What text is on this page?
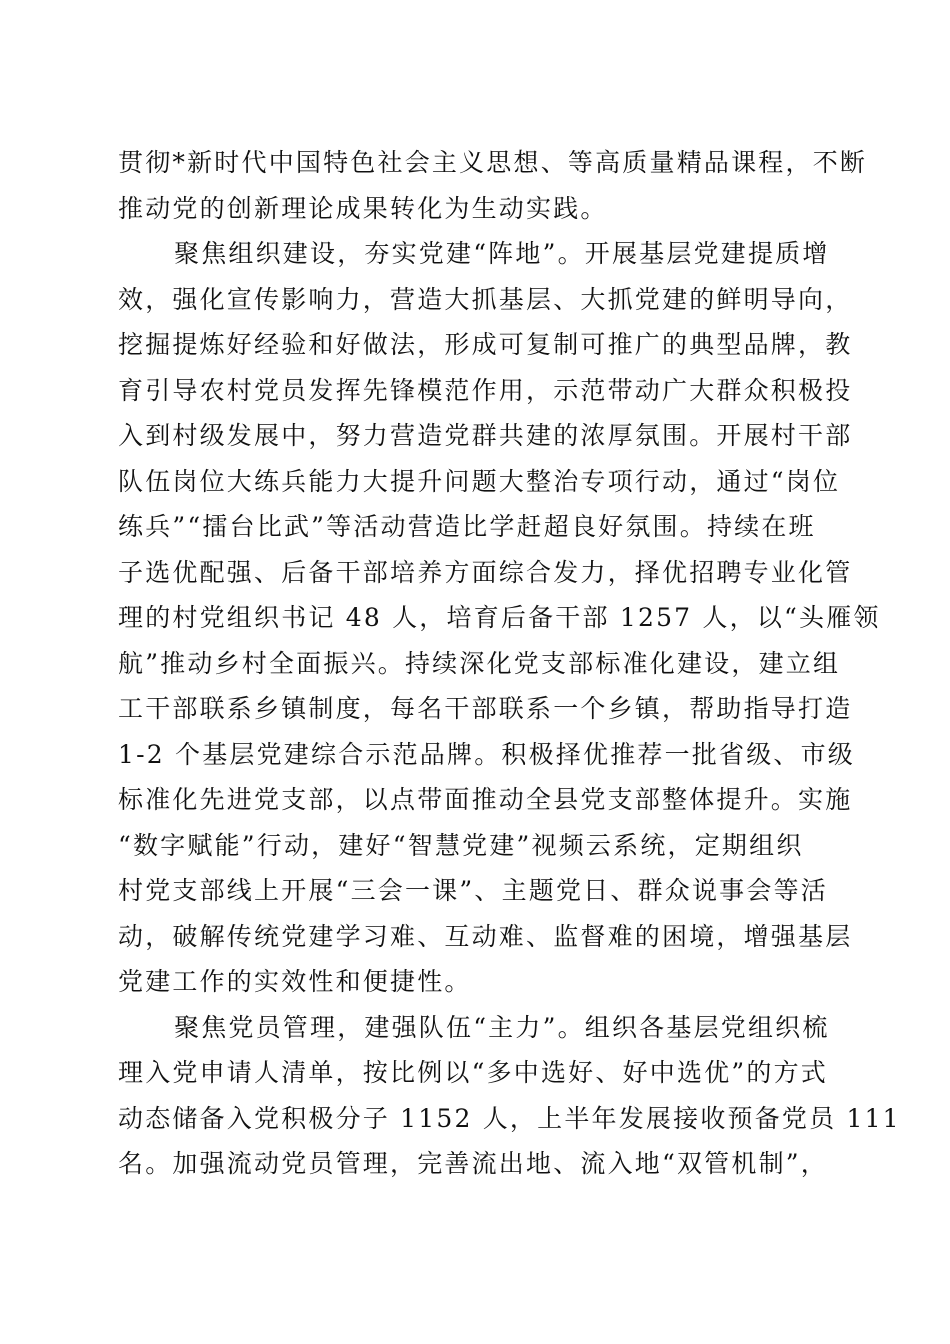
贯彻*新时代中国特色社会主义思想、等高质量精品课程，不断
推动党的创新理论成果转化为生动实践。
聚焦组织建设，夯实党建“阵地”。开展基层党建提质增
效，强化宣传影响力，营造大抓基层、大抓党建的鲜明导向，
挖掘提炼好经验和好做法，形成可复制可推广的典型品牌，教
育引导农村党员发挥先锋模范作用，示范带动广大群众积极投
入到村级发展中，努力营造党群共建的浓厚氛围。开展村干部
队伍岗位大练兵能力大提升问题大整治专项行动，通过“岗位
练兵”“擂台比武”等活动营造比学赶超良好氛围。持续在班
子选优配强、后备干部培养方面综合发力，择优招聘专业化管
理的村党组织书记 48 人，培育后备干部 1257 人，以“头雁领
航”推动乡村全面振兴。持续深化党支部标准化建设，建立组
工干部联系乡镇制度，每名干部联系一个乡镇，帮助指导打造
1-2 个基层党建综合示范品牌。积极择优推荐一批省级、市级
标准化先进党支部，以点带面推动全县党支部整体提升。实施
“数字赋能”行动，建好“智慧党建”视频云系统，定期组织
村党支部线上开展“三会一课”、主题党日、群众说事会等活
动，破解传统党建学习难、互动难、监督难的困境，增强基层
党建工作的实效性和便捷性。
聚焦党员管理，建强队伍“主力”。组织各基层党组织梳
理入党申请人清单，按比例以“多中选好、好中选优”的方式
动态储备入党积极分子 1152 人，上半年发展接收预备党员 111
名。加强流动党员管理，完善流出地、流入地“双管机制”，
